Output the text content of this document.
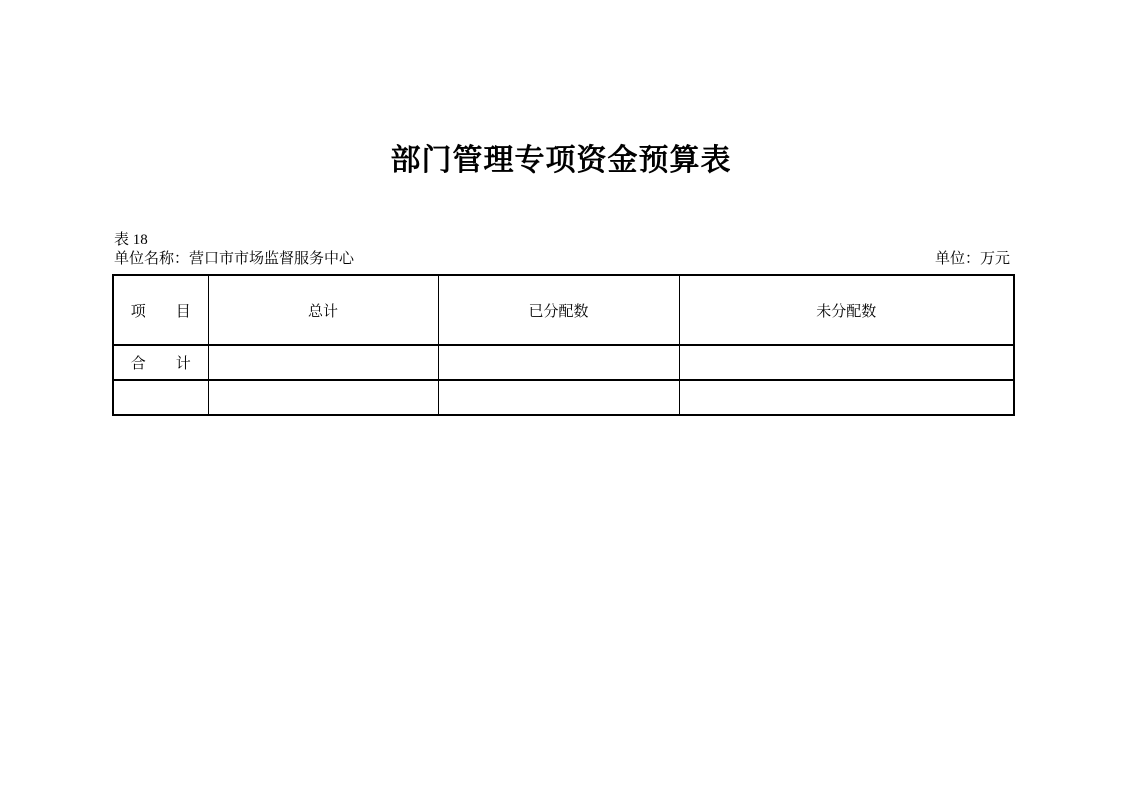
部门管理专项资金预算表
表 18
单位名称：营口市市场监督服务中心	单位：万元
项　　目	总计	已分配数	未分配数
合　　计			
